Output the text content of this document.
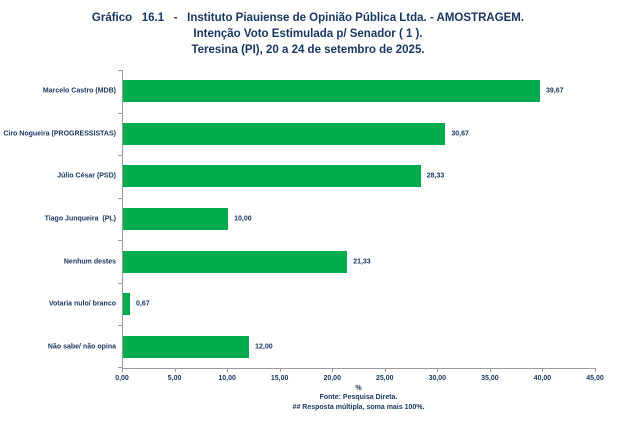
Gráfico   16.1   -   Instituto Piauiense de Opinião Pública Ltda. - AMOSTRAGEM.
Intenção Voto Estimulada p/ Senador ( 1 ).
Teresina (PI), 20 a 24 de setembro de 2025.
Marcelo Castro (MDB)	39,67
Ciro Nogueira (PROGRESSISTAS)	30,67
Júlio César (PSD)	28,33
Tiago Junqueira  (PL)	10,00
Nenhum destes	21,33
Votaria nulo/ branco	0,67
Não sabe/ não opina	12,00
0,00	5,00	10,00	15,00	20,00	25,00	30,00	35,00	40,00	45,00
%
Fonte: Pesquisa Direta.
## Resposta múltipla, soma mais 100%.
